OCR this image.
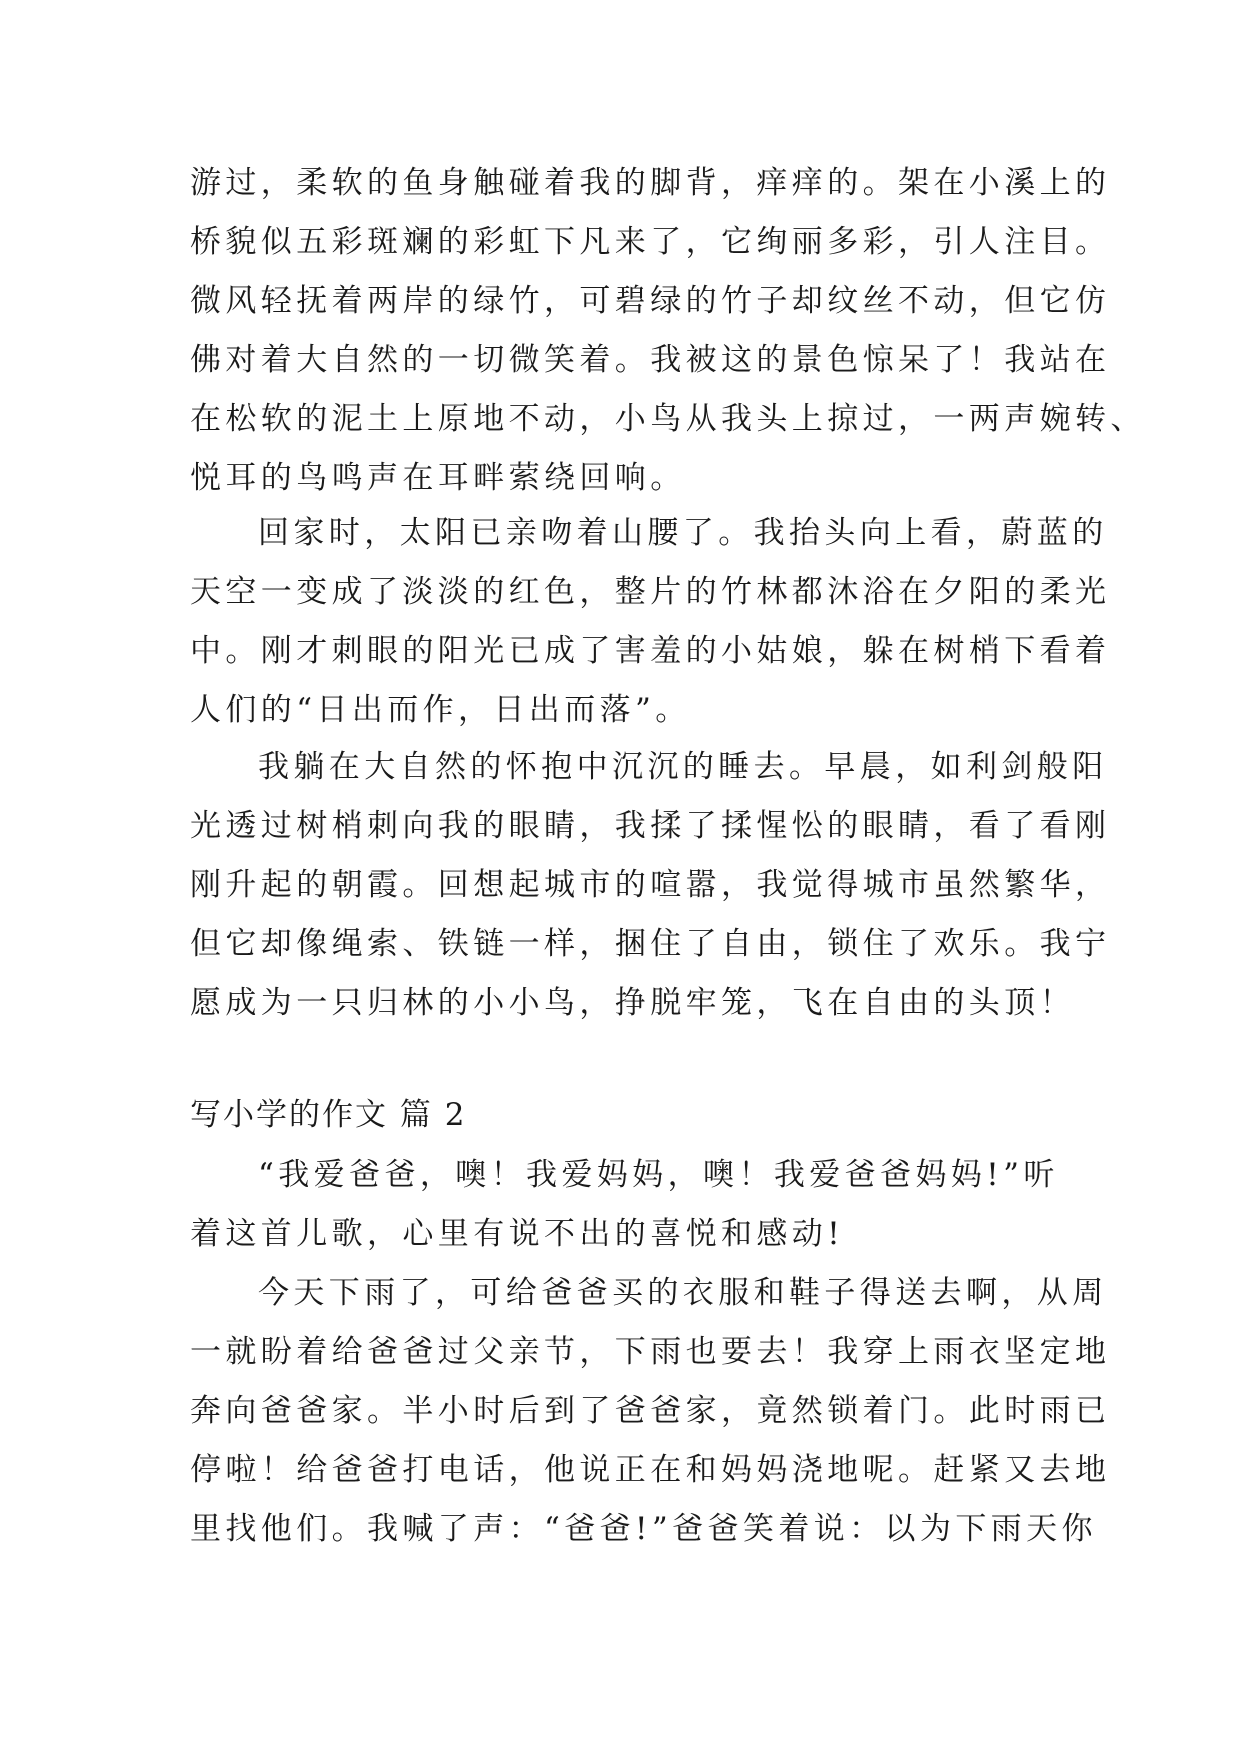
游过，柔软的鱼身触碰着我的脚背，痒痒的。架在小溪上的
桥貌似五彩斑斓的彩虹下凡来了，它绚丽多彩，引人注目。
微风轻抚着两岸的绿竹，可碧绿的竹子却纹丝不动，但它仿
佛对着大自然的一切微笑着。我被这的景色惊呆了！我站在
在松软的泥土上原地不动，小鸟从我头上掠过，一两声婉转、
悦耳的鸟鸣声在耳畔萦绕回响。
回家时，太阳已亲吻着山腰了。我抬头向上看，蔚蓝的
天空一变成了淡淡的红色，整片的竹林都沐浴在夕阳的柔光
中。刚才刺眼的阳光已成了害羞的小姑娘，躲在树梢下看着
人们的“日出而作，日出而落”。
我躺在大自然的怀抱中沉沉的睡去。早晨，如利剑般阳
光透过树梢刺向我的眼睛，我揉了揉惺忪的眼睛，看了看刚
刚升起的朝霞。回想起城市的喧嚣，我觉得城市虽然繁华，
但它却像绳索、铁链一样，捆住了自由，锁住了欢乐。我宁
愿成为一只归林的小小鸟，挣脱牢笼，飞在自由的头顶！
写小学的作文 篇 2
“我爱爸爸，噢！我爱妈妈，噢！我爱爸爸妈妈!”听
着这首儿歌，心里有说不出的喜悦和感动!
今天下雨了，可给爸爸买的衣服和鞋子得送去啊，从周
一就盼着给爸爸过父亲节，下雨也要去！我穿上雨衣坚定地
奔向爸爸家。半小时后到了爸爸家，竟然锁着门。此时雨已
停啦！给爸爸打电话，他说正在和妈妈浇地呢。赶紧又去地
里找他们。我喊了声：“爸爸!”爸爸笑着说：以为下雨天你
